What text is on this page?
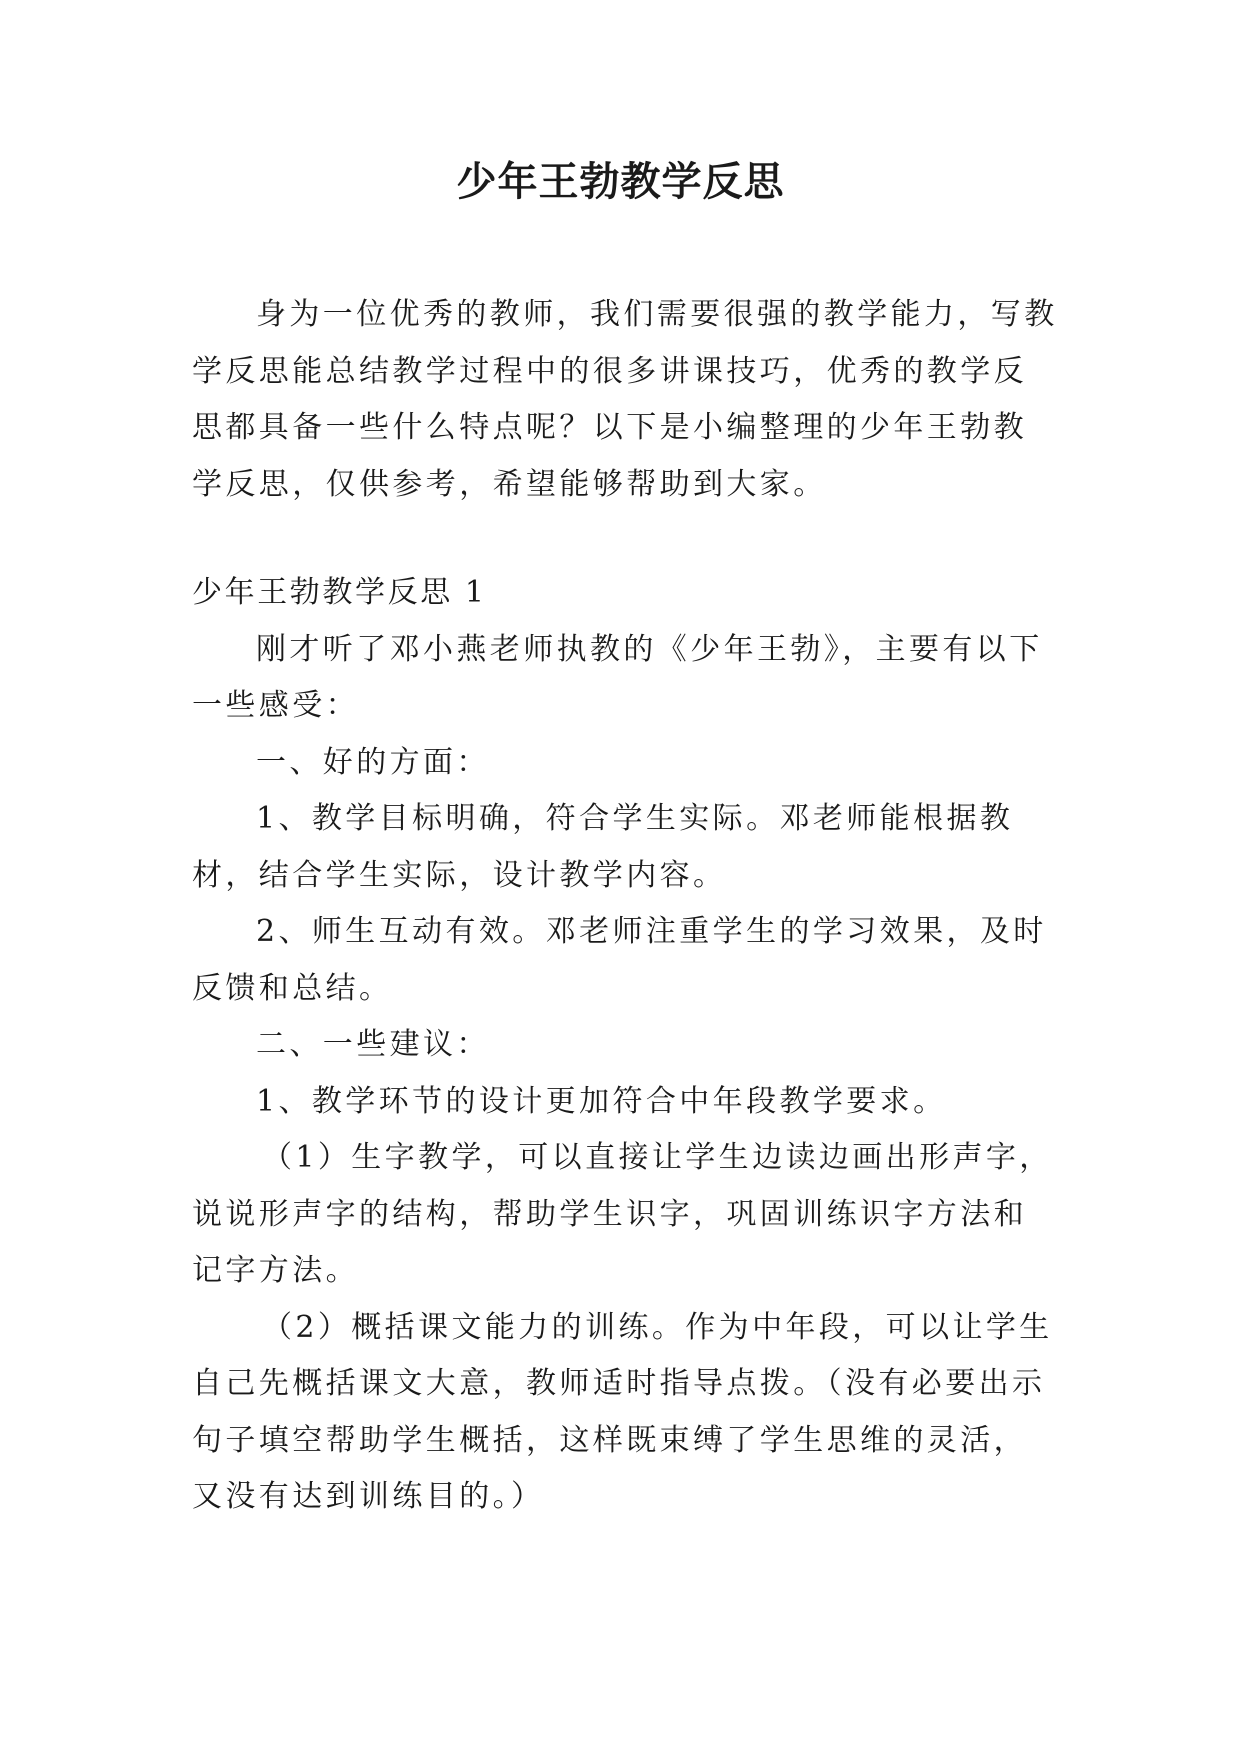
少年王勃教学反思

身为一位优秀的教师，我们需要很强的教学能力，写教学反思能总结教学过程中的很多讲课技巧，优秀的教学反思都具备一些什么特点呢？以下是小编整理的少年王勃教学反思，仅供参考，希望能够帮助到大家。

少年王勃教学反思 1

刚才听了邓小燕老师执教的《少年王勃》，主要有以下一些感受：

一、好的方面：

1、教学目标明确，符合学生实际。邓老师能根据教材，结合学生实际，设计教学内容。

2、师生互动有效。邓老师注重学生的学习效果，及时反馈和总结。

二、一些建议：

1、教学环节的设计更加符合中年段教学要求。

（1）生字教学，可以直接让学生边读边画出形声字，说说形声字的结构，帮助学生识字，巩固训练识字方法和记字方法。

（2）概括课文能力的训练。作为中年段，可以让学生自己先概括课文大意，教师适时指导点拨。（没有必要出示句子填空帮助学生概括，这样既束缚了学生思维的灵活，又没有达到训练目的。）
